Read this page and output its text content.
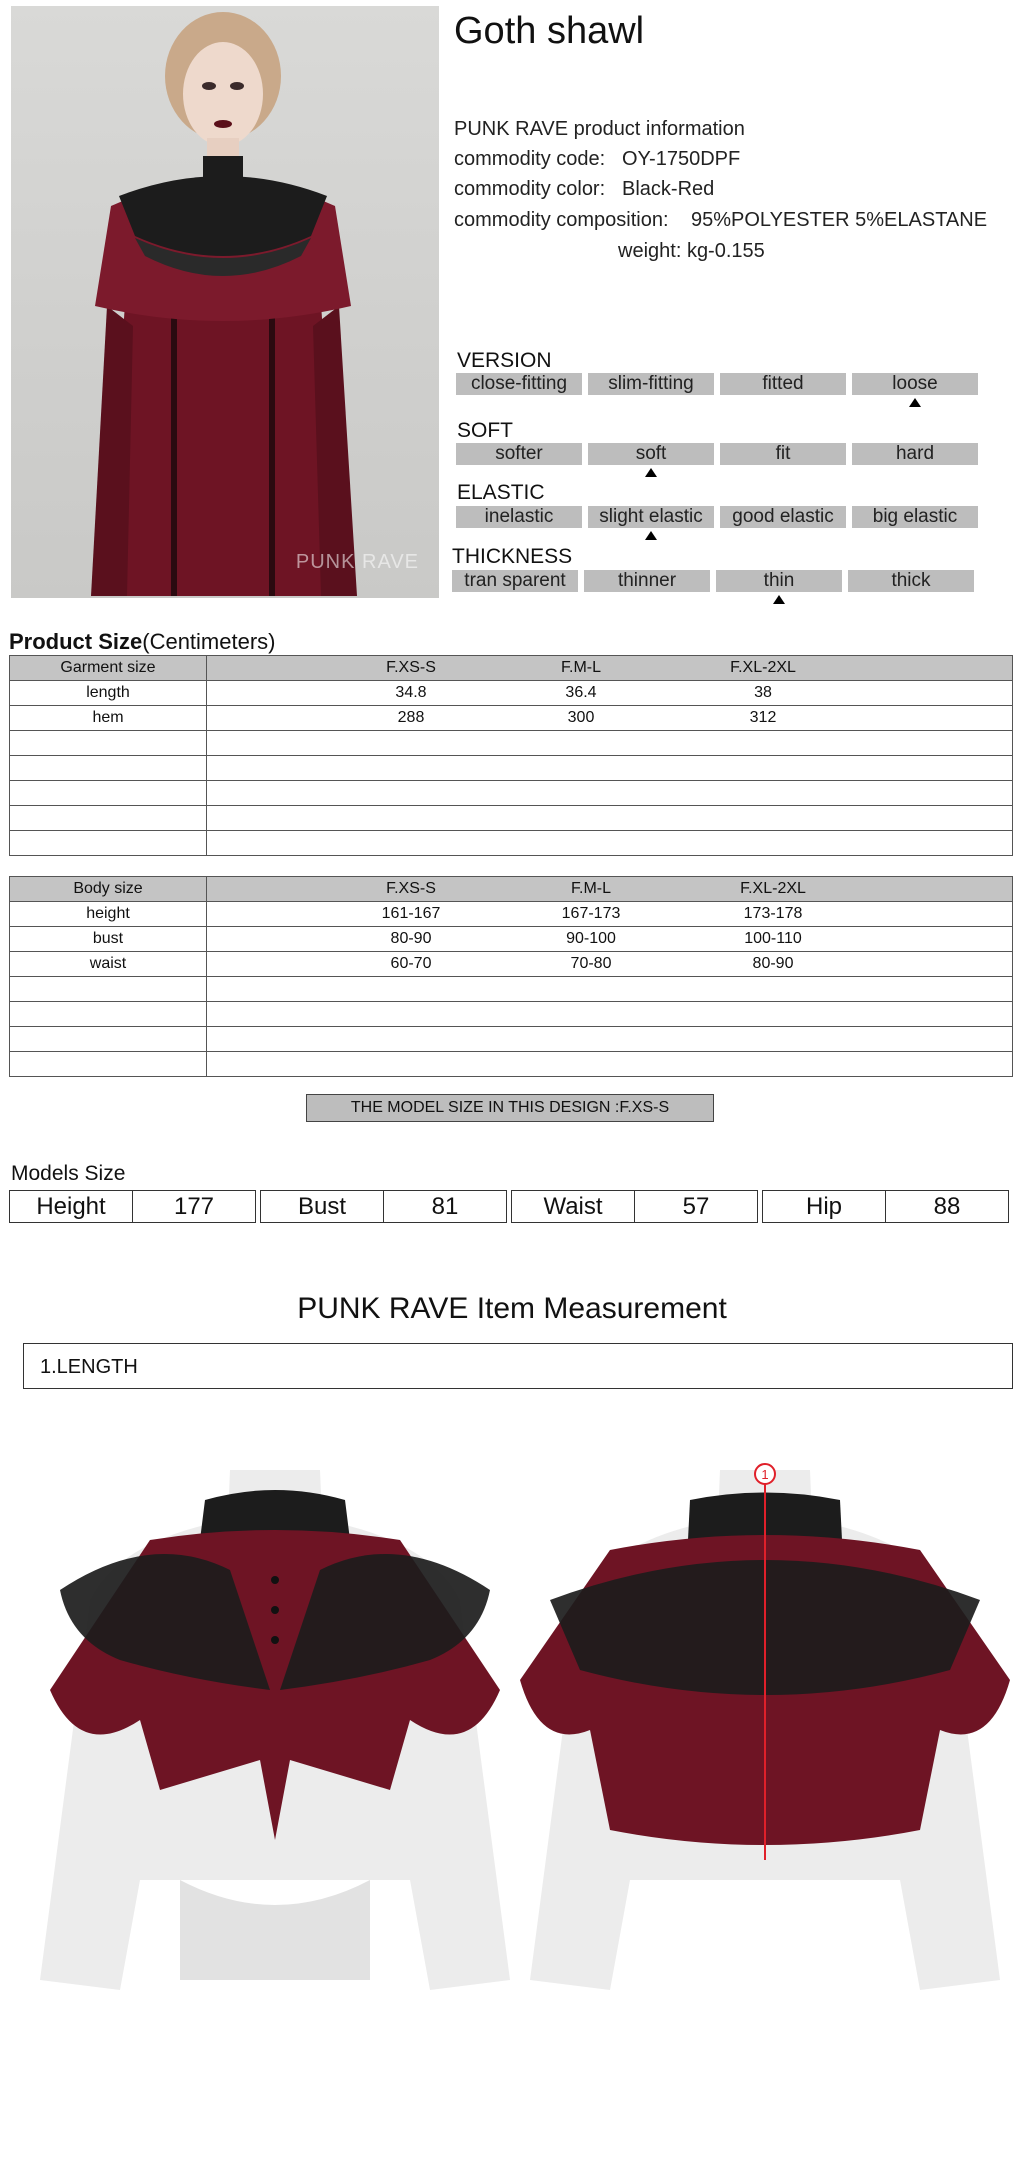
PUNK RAVE
Goth shawl
PUNK RAVE product information
commodity code: OY-1750DPF
commodity color: Black-Red
commodity composition: 95%POLYESTER 5%ELASTANE
weight: kg-0.155
VERSION
close-fitting	slim-fitting	fitted	loose
SOFT
softer	soft	fit	hard
ELASTIC
inelastic	slight elastic	good elastic	big elastic
THICKNESS
tran sparent	thinner	thin	thick
Product Size(Centimeters)
Garment size	F.XS-S F.M-L F.XL-2XL

length	34.8 36.4 38

hem	288 300 312

Body size	F.XS-S F.M-L F.XL-2XL

height	161-167 167-173 173-178

bust	80-90 90-100 100-110

waist	60-70 70-80 80-90

THE MODEL SIZE IN THIS DESIGN :F.XS-S
Models Size
Height	177	Bust	81	Waist	57	Hip	88
PUNK RAVE Item Measurement
1.LENGTH
1
